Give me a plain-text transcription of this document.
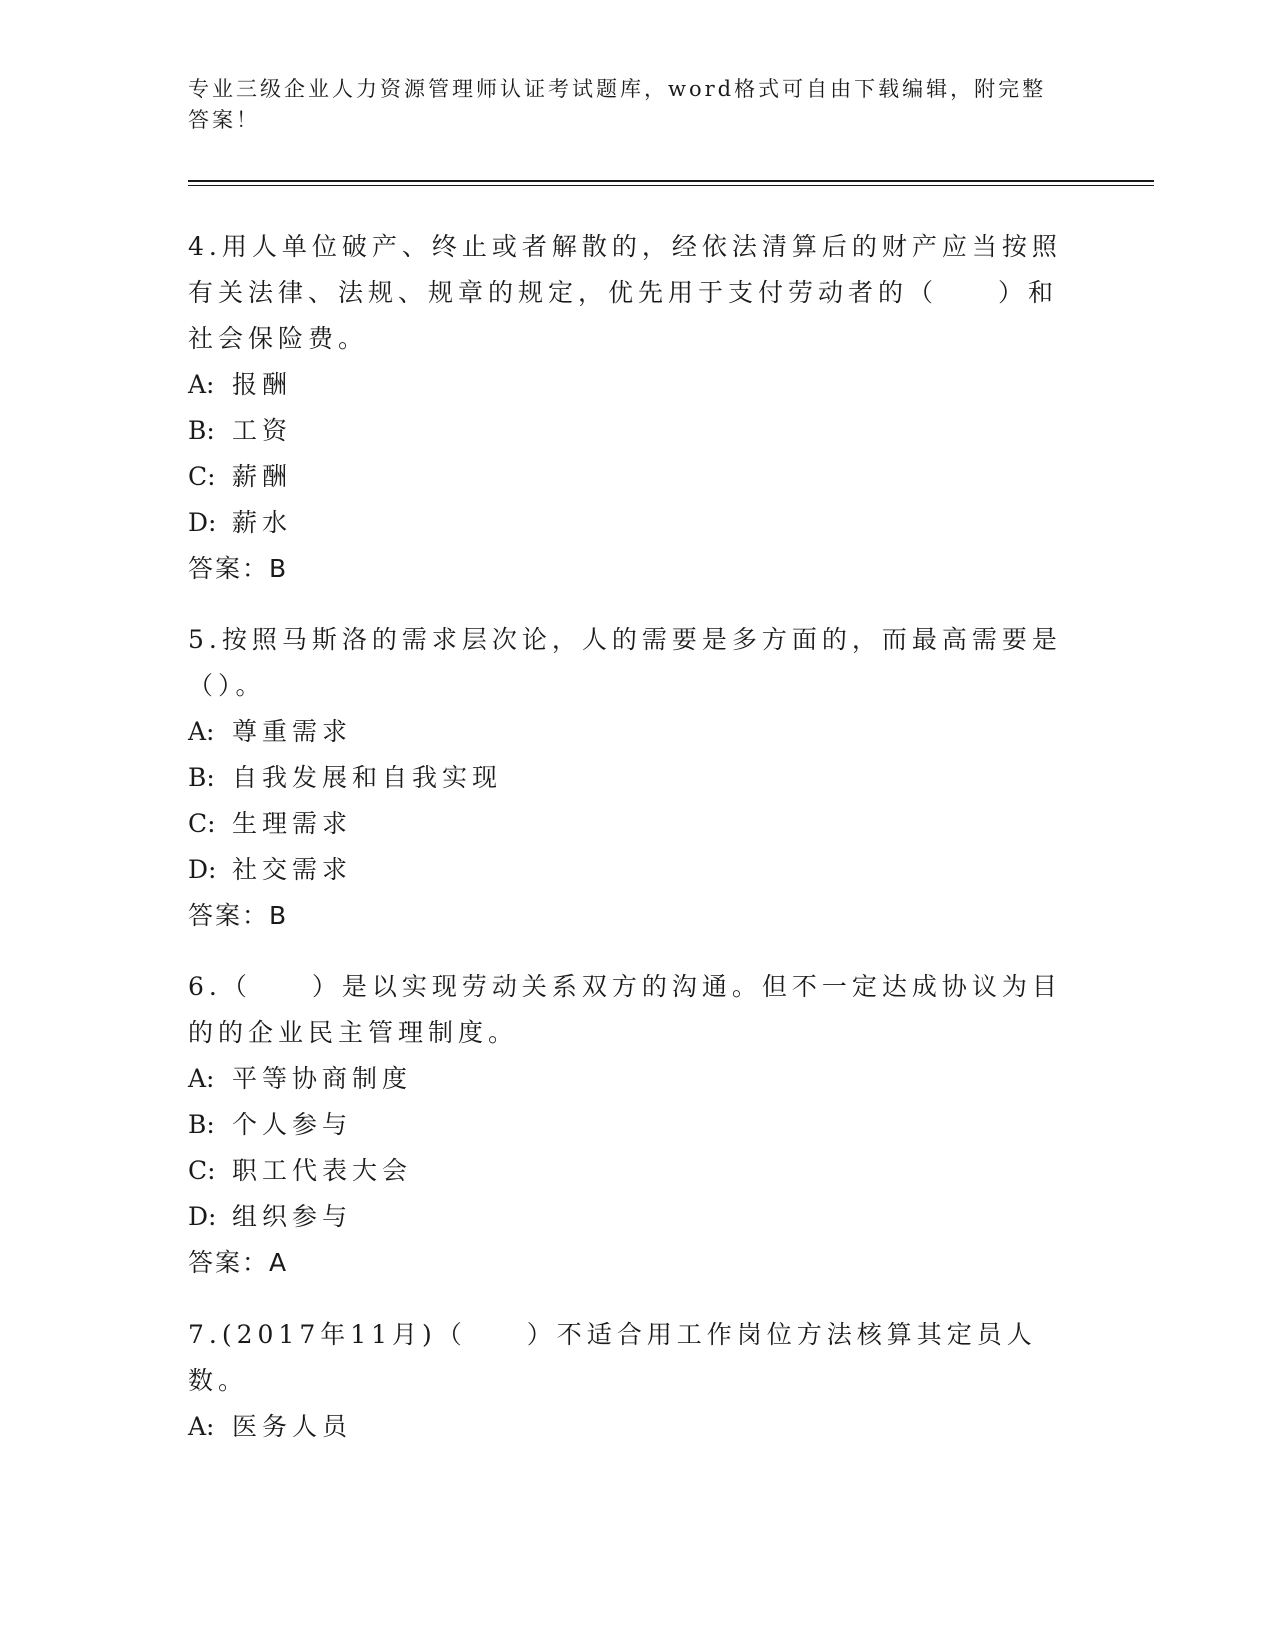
专业三级企业人力资源管理师认证考试题库，word格式可自由下载编辑，附完整答案！
4.用人单位破产、终止或者解散的，经依法清算后的财产应当按照有关法律、法规、规章的规定，优先用于支付劳动者的（　　）和社会保险费。
A: 报酬
B: 工资
C: 薪酬
D: 薪水
答案：B
5.按照马斯洛的需求层次论，人的需要是多方面的，而最高需要是（）。
A: 尊重需求
B: 自我发展和自我实现
C: 生理需求
D: 社交需求
答案：B
6.（　　）是以实现劳动关系双方的沟通。但不一定达成协议为目的的企业民主管理制度。
A: 平等协商制度
B: 个人参与
C: 职工代表大会
D: 组织参与
答案：A
7.(2017年11月)（　　）不适合用工作岗位方法核算其定员人数。
A: 医务人员
